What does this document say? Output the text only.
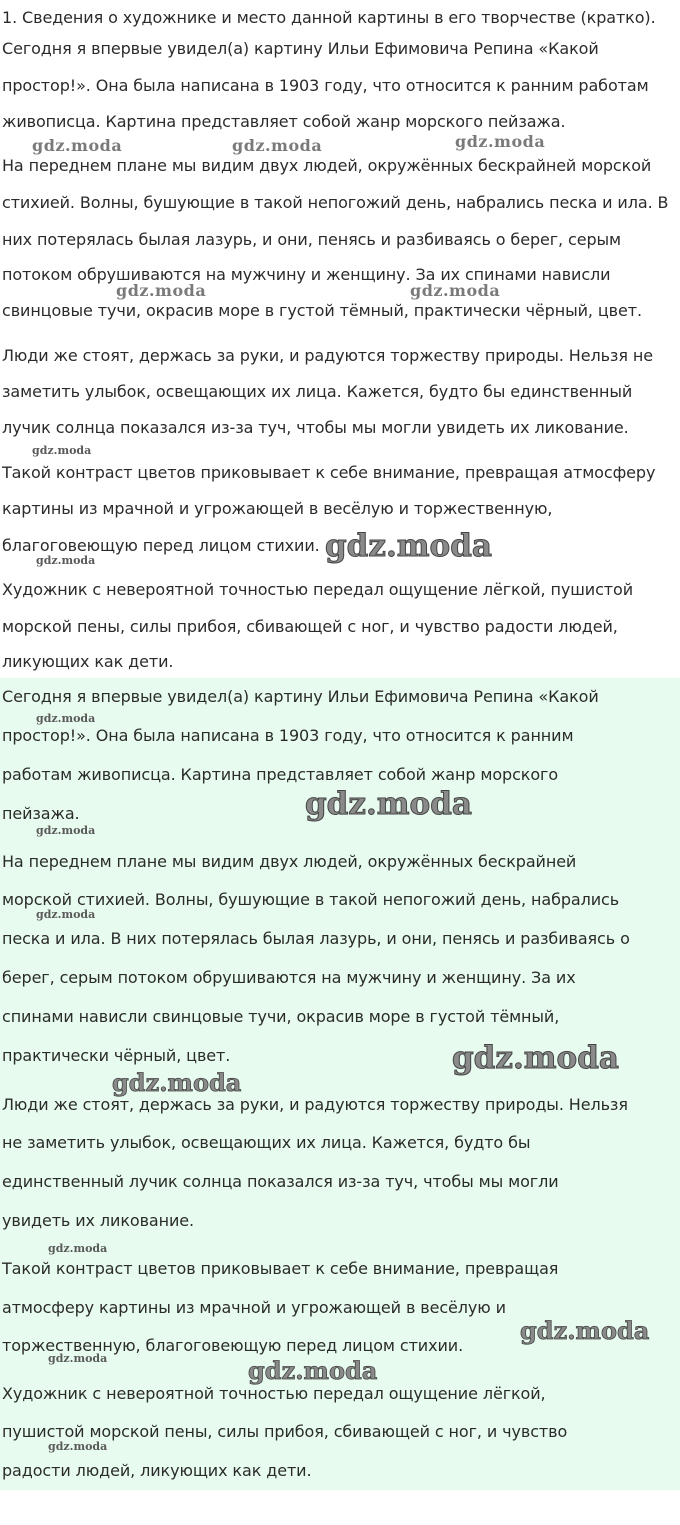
1. Сведения о художнике и место данной картины в его творчестве (кратко).
Сегодня я впервые увидел(а) картину Ильи Ефимовича Репина «Какой
простор!». Она была написана в 1903 году, что относится к ранним работам
живописца. Картина представляет собой жанр морского пейзажа.
На переднем плане мы видим двух людей, окружённых бескрайней морской
стихией. Волны, бушующие в такой непогожий день, набрались песка и ила. В
них потерялась былая лазурь, и они, пенясь и разбиваясь о берег, серым
потоком обрушиваются на мужчину и женщину. За их спинами нависли
свинцовые тучи, окрасив море в густой тёмный, практически чёрный, цвет.
Люди же стоят, держась за руки, и радуются торжеству природы. Нельзя не
заметить улыбок, освещающих их лица. Кажется, будто бы единственный
лучик солнца показался из-за туч, чтобы мы могли увидеть их ликование.
Такой контраст цветов приковывает к себе внимание, превращая атмосферу
картины из мрачной и угрожающей в весёлую и торжественную,
благоговеющую перед лицом стихии.
Художник с невероятной точностью передал ощущение лёгкой, пушистой
морской пены, силы прибоя, сбивающей с ног, и чувство радости людей,
ликующих как дети.
gdz.moda	gdz.moda	gdz.moda
gdz.moda	gdz.moda
gdz.moda
gdz.moda	gdz.moda
Сегодня я впервые увидел(а) картину Ильи Ефимовича Репина «Какой
простор!». Она была написана в 1903 году, что относится к ранним
работам живописца. Картина представляет собой жанр морского
пейзажа.
На переднем плане мы видим двух людей, окружённых бескрайней
морской стихией. Волны, бушующие в такой непогожий день, набрались
песка и ила. В них потерялась былая лазурь, и они, пенясь и разбиваясь о
берег, серым потоком обрушиваются на мужчину и женщину. За их
спинами нависли свинцовые тучи, окрасив море в густой тёмный,
практически чёрный, цвет.
Люди же стоят, держась за руки, и радуются торжеству природы. Нельзя
не заметить улыбок, освещающих их лица. Кажется, будто бы
единственный лучик солнца показался из-за туч, чтобы мы могли
увидеть их ликование.
Такой контраст цветов приковывает к себе внимание, превращая
атмосферу картины из мрачной и угрожающей в весёлую и
торжественную, благоговеющую перед лицом стихии.
Художник с невероятной точностью передал ощущение лёгкой,
пушистой морской пены, силы прибоя, сбивающей с ног, и чувство
радости людей, ликующих как дети.
gdz.moda
gdz.moda
gdz.moda
gdz.moda
gdz.moda
gdz.moda
gdz.moda
gdz.moda
gdz.moda	gdz.moda
gdz.moda
